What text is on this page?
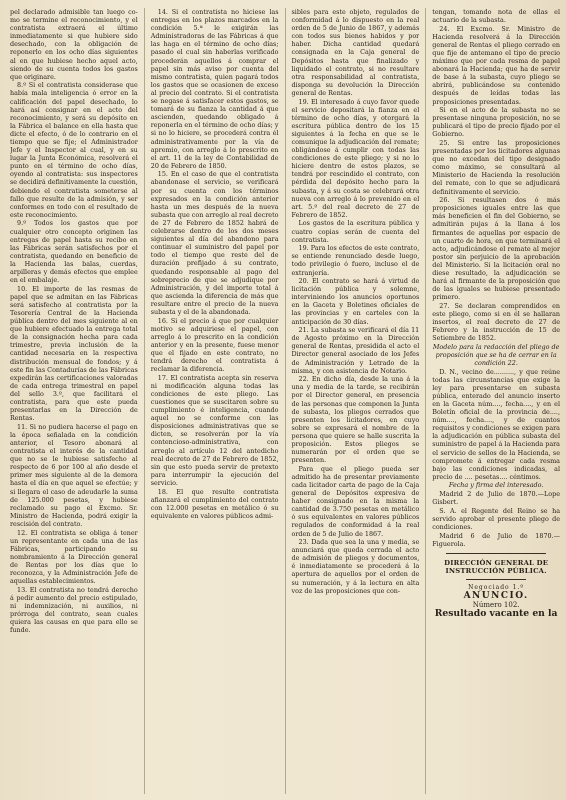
pel declarado admisible tan luego co-mo se termine el reconocimiento, y el contratista extraerá el último inmediatamente si que hubiere sido desechado, con la obligación de reponerlo en los ocho días siguientes al en que hubiese hecho aquel acto, siendo de su cuenta todos los gastos que originare.

8.º Si el contratista considerase que había mala inteligencia ó error en la calificación del papel desechado, lo hará así consignar en el acto del reconocimiento, y será su depósito en la Fábrica el balance en ella hasta que dicte el efecto, ó de lo contrario en el tiempo que se fije; el Administrador Jefe y el Inspector al cual, y en su lugar la Junta Económica, resolverá el punto en el término de ocho días, oyendo al contratista: sus inspectores se decidirá definitivamente la cuestión, debiendo el contratista someterse al fallo que resulte de la admisión, y ser conformes en todo con el resultado de este reconocimiento.

9.º Todos los gastos que por cualquier otro concepto originen las entregas de papel hasta su recibo en las Fábricas serán satisfechos por el contratista, quedando en beneficio de la Hacienda las balas, cuerdas, arpilleras y demás efectos que emplee en el embalaje.

10. El importe de las resmas de papel que se admitan en las Fábricas será satisfecho al contratista por la Tesorería Central de la Hacienda pública dentro del mes siguiente al en que hubiere efectuado la entrega total de la consignación hecha para cada trimestre, previa inclusión de la cantidad necesaria en la respectiva distribución mensual de fondos; y á este fin las Contadurías de las Fábricas expedirán las certificaciones valoradas de cada entrega trimestral en papel del sello 3.º, que facilitará el contratista, para que este pueda presentarlas en la Dirección de Rentas.

11. Si no pudiera hacerse el pago en la época señalada en la condición anterior, el Tesoro abonará al contratista el interés de la cantidad que no se le hubiese satisfecho al respecto de 6 por 100 al año desde el primer mes siguiente al de la demora hasta el día en que aquel se efectúe; y si llegara el caso de adeudarle la suma de 125.000 pesetas, y hubiese reclamado su pago el Excmo. Sr. Ministro de Hacienda, podrá exigir la rescisión del contrato.

12. El contratista se obliga á tener un representante en cada una de las Fábricas, participando su nombramiento á la Dirección general de Rentas por los días que lo reconozca, y la Administración Jefe de aquellas establecimientos.

13. El contratista no tendrá derecho á pedir aumento del precio estipulado, ni indemnización, ni auxilios, ni prórroga del contrato, sean cuales quiera las causas en que para ello se funde.

14. Si el contratista no hiciese las entregas en los plazos marcados en la condición 5.ª le exigirán las Administradoras de las Fábricas á que las haga en el término de ocho días; pasado el cual sin haberlas verificado procederán aquellos á comprar el papel sin más aviso por cuenta del mismo contratista, quien pagará todos los gastos que se ocasionen de exceso al precio del contrato. Si el contratista se negase á satisfacer estos gastos, se tomará de su fianza la cantidad á que ascienden, quedando obligado á reponerla en el término de ocho días; y si no lo hiciere, se procederá contra él administrativamente por la vía de apremio, con arreglo á lo prescrito en el art. 11 de la ley de Contabilidad de 20 de Febrero de 1850.

15. En el caso de que el contratista abandonase el servicio, se verificará por su cuenta con los términos expresados en la condición anterior hasta un mes después de la nueva subasta que con arreglo al real decreto de 27 de Febrero de 1852 habrá de celebrarse dentro de los dos meses siguientes al día del abandono para continuar el suministro del papel por todo el tiempo que reste del de duración prefijado á su contrato, quedando responsable al pago del sobreprecio de que se adjudique por Administración, y del importe total á que ascienda la diferencia de más que resultare entre el precio de la nueva subasta y el de la abandonada.

16. Si el precio á que por cualquier motivo se adquiriese el papel, con arreglo á lo prescrito en la condición anterior y en la presente, fuese menor que el fijado en este contrato, no tendrá derecho el contratista á reclamar la diferencia.

17. El contratista acepta sin reserva ni modificación alguna todas las condiciones de este pliego. Las cuestiones que se suscitaren sobre su cumplimiento é inteligencia, cuando aquel no se conforme con las disposiciones administrativas que se dicten, se resolverán por la vía contencioso-administrativa, con arreglo al artículo 12 del antedicho real decreto de 27 de Febrero de 1852, sin que esto pueda servir de pretexto para interrumpir la ejecución del servicio.

18. El que resulte contratista afianzará el cumplimiento del contrato con 12.000 pesetas en metálico ó su equivalente en valores públicos admi-

sibles para este objeto, regulados de conformidad á lo dispuesto en la real orden de 5 de Junio de 1867, y además con todos sus bienes habidos y por haber. Dicha cantidad quedará consignada en la Caja general de Depósitos hasta que finalizado y liquidado el contrato, si no resultare otra responsabilidad al contratista, disponga su devolución la Dirección general de Rentas.

19. El interesado á cuyo favor quede el servicio depositará la fianza en el término de ocho días, y otorgará la escritura pública dentro de los 15 siguientes á la fecha en que se le comunique la adjudicación del remate; obligándose á cumplir con todas las condiciones de este pliego; y si no lo hiciere dentro de estos plazos, se tendrá por rescindido el contrato, con pérdida del depósito hecho para la subasta, y á su costa se celebrará otra nueva con arreglo á lo prevenido en el art. 5.º del real decreto de 27 de Febrero de 1852.

Los gastos de la escritura pública y cuatro copias serán de cuenta del contratista.

19. Para los efectos de este contrato, se entiende renunciado desde luego, todo privilegio ó fuero, incluso el de extranjería.

20. El contrato se hará á virtud de licitación pública y solemne, interviniendo los anuncios oportunos en la Gaceta y Boletines oficiales de las provincias y en carteles con la anticipación de 30 días.

21. La subasta se verificará el día 11 de Agosto próximo en la Dirección general de Rentas, presidida el acto el Director general asociado de los Jefes de Administración y Letrado de la misma, y con asistencia de Notario.

22. En dicho día, desde la una á la una y media de la tarde, se recibirán por el Director general, en presencia de las personas que componen la Junta de subasta, los pliegos cerrados que presenten los licitadores, en cuyo sobre se expresará el nombre de la persona que quiere se halle suscrita la proposición. Estos pliegos se numerarán por el orden que se presenten.

Para que el pliego pueda ser admitido ha de presentar previamente cada licitador carta de pago de la Caja general de Depósitos expresiva de haber consignado en la misma la cantidad de 3.750 pesetas en metálico ó sus equivalentes en valores públicos regulados de conformidad á la real orden de 5 de Julio de 1867.

23. Dada que sea la una y media, se anunciará que queda cerrada el acto de admisión de pliegos y documentos, é inmediatamente se procederá á la apertura de aquellos por el orden de su numeración, y á la lectura en alta voz de las proposiciones que con-

tengan, tomando nota de ellas el actuario de la subasta.

24. El Excmo. Sr. Ministro de Hacienda resolverá á la Dirección general de Rentas el pliego cerrado en que fije de antemano el tipo de precio máximo que por cada resma de papel abonará la Hacienda; que ha de servir de base á la subasta, cuyo pliego se abrirá, publicándose su contenido después de leídas todas las proposiciones presentadas.

Si en el acto de la subasta no se presentase ninguna proposición, no se publicará el tipo de precio fijado por el Gobierno.

25. Si entre las proposiciones presentadas por los licitadores algunas que no excedan del tipo designado como máximo, se consultará al Ministerio de Hacienda la resolución del remate, con lo que se adjudicará definitivamente el servicio.

26. Si resultasen dos ó más proposiciones iguales entre las que más beneficien el fin del Gobierno, se admitirán pujas á la llana á los firmantes de aquellas por espacio de un cuarto de hora, en que terminará el acto, adjudicándose el remate al mejor postor sin perjuicio de la aprobación del Ministerio. Si la licitación oral no diese resultado, la adjudicación se hará al firmante de la proposición que de las iguales se hubiese presentado primero.

27. Se declaran comprendidos en este pliego, como si en él se hallaran insertos, el real decreto de 27 de Febrero y la instrucción de 15 de Setiembre de 1852.

Modelo para la redacción del pliego de proposición que se ha de cerrar en la condición 22.

D. N., vecino de.........., y que reúne todas las circunstancias que exige la ley para presentarse en subasta pública, enterado del anuncio inserto en la Gaceta núm...., fecha...., y en el Boletín oficial de la provincia de...., núm...., fecha...., y de cuantos requisitos y condiciones se exigen para la adjudicación en pública subasta del suministro de papel á la Hacienda para el servicio de sellos de la Hacienda, se compromete á entregar cada resma bajo las condiciones indicadas, al precio de .... pesetas.... céntimos.

Fecha y firma del interesado.

Madrid 2 de Julio de 1870.—Lope Gisbert.

S. A. el Regente del Reino se ha servido aprobar el presente pliego de condiciones.

Madrid 6 de Julio de 1870.—Figuerola.

DIRECCIÓN GENERAL DE INSTRUCCIÓN PÚBLICA.

Negociado 1.º

ANUNCIO.

Número 102.

Resultado vacante en la
